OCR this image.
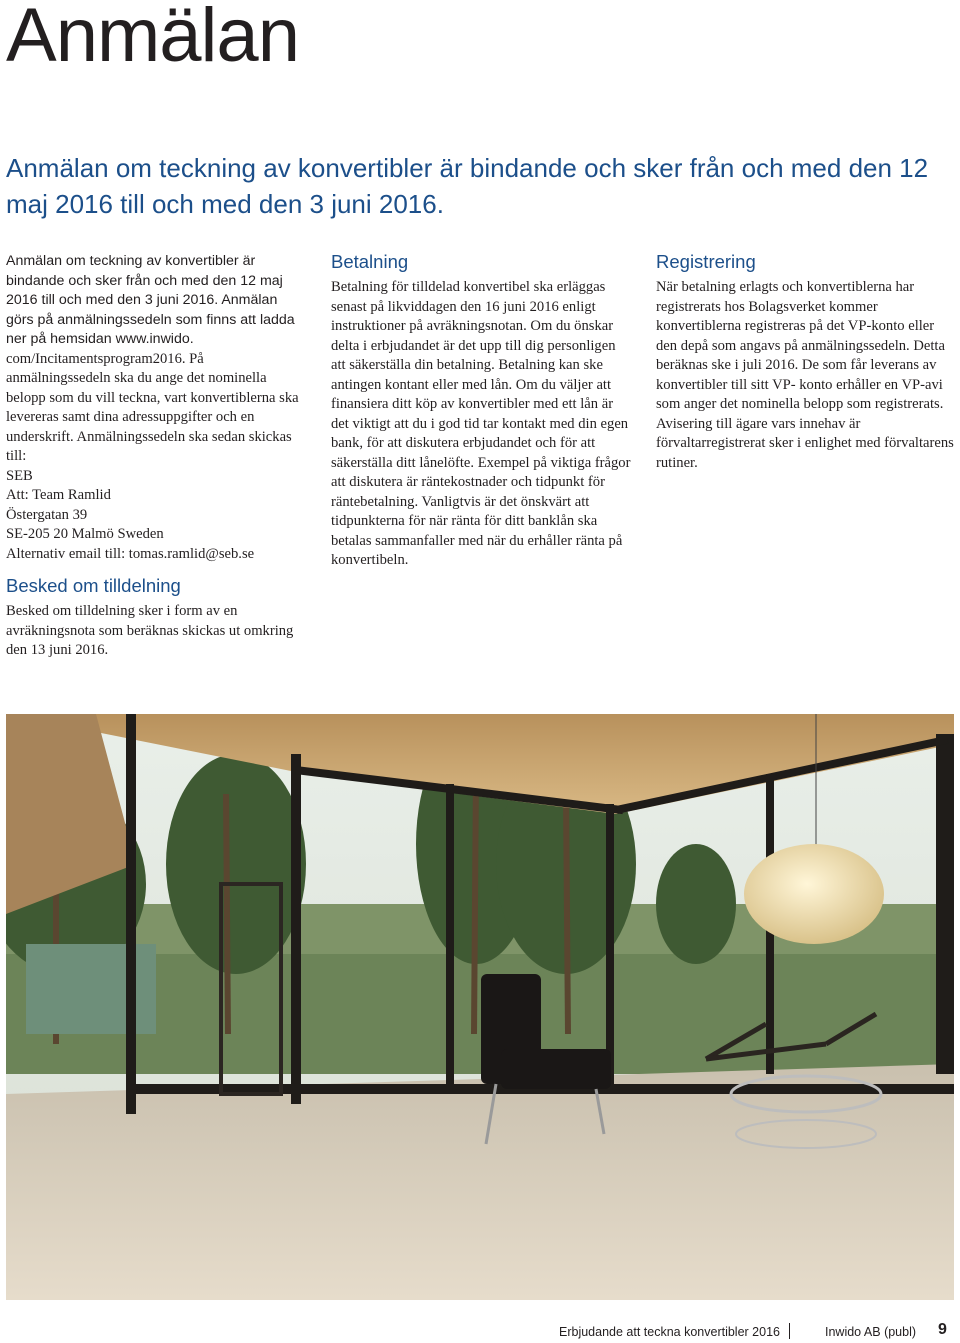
Anmälan

Anmälan om teckning av konvertibler är bindande och sker från och med den 12 maj 2016 till och med den 3 juni 2016.

Anmälan om teckning av konvertibler är bindande och sker från och med den 12 maj 2016 till och med den 3 juni 2016. Anmälan görs på anmälningssedeln som finns att ladda ner på hemsidan www.inwido.

com/Incitamentsprogram2016. På anmälningssedeln ska du ange det nominella belopp som du vill teckna, vart konvertiblerna ska levereras samt dina adressuppgifter och en underskrift. Anmälningssedeln ska sedan skickas till:

SEB

Att: Team Ramlid

Östergatan 39

SE-205 20 Malmö Sweden

Alternativ email till: tomas.ramlid@seb.se

Besked om tilldelning

Besked om tilldelning sker i form av en avräkningsnota som beräknas skickas ut omkring den 13 juni 2016.

Betalning

Betalning för tilldelad konvertibel ska erläggas senast på likviddagen den 16 juni 2016 enligt instruktioner på avräkningsnotan. Om du önskar delta i erbjudandet är det upp till dig personligen att säkerställa din betalning. Betalning kan ske antingen kontant eller med lån. Om du väljer att finansiera ditt köp av konvertibler med ett lån är det viktigt att du i god tid tar kontakt med din egen bank, för att diskutera erbjudandet och för att säkerställa ditt lånelöfte. Exempel på viktiga frågor att diskutera är räntekostnader och tidpunkt för räntebetalning. Vanligtvis är det önskvärt att tidpunkterna för när ränta för ditt banklån ska betalas sammanfaller med när du erhåller ränta på konvertibeln.

Registrering

När betalning erlagts och konvertiblerna har registrerats hos Bolagsverket kommer konvertiblerna registreras på det VP-konto eller den depå som angavs på anmälningssedeln. Detta beräknas ske i juli 2016. De som får leverans av konvertibler till sitt VP- konto erhåller en VP-avi som anger det nominella belopp som registrerats. Avisering till ägare vars innehav är förvaltarregistrerat sker i enlighet med förvaltarens rutiner.

Erbjudande att teckna konvertibler 2016	Inwido AB (publ) 9
